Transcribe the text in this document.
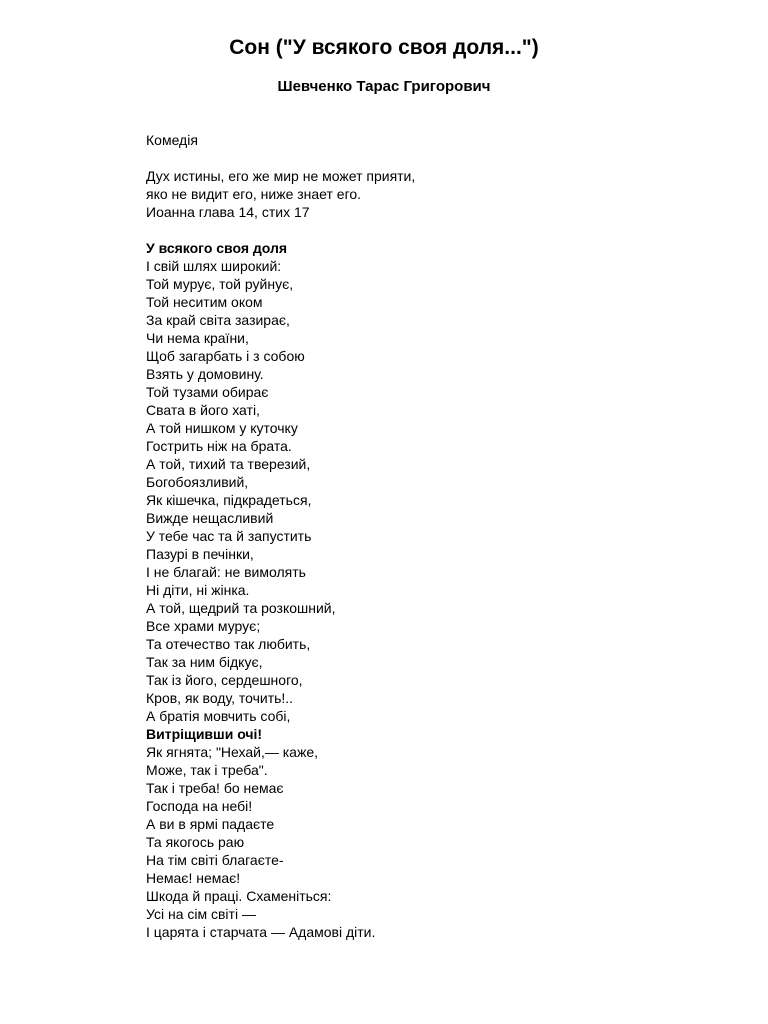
Сон ("У всякого своя доля...")
Шевченко Тарас Григорович
Комедія
Дух истины, его же мир не может прияти,
яко не видит его, ниже знает его.
Иоанна глава 14, стих 17
У всякого своя доля
І свій шлях широкий:
Той мурує, той руйнує,
Той неситим оком
За край світа зазирає,
Чи нема країни,
Щоб загарбать і з собою
Взять у домовину.
Той тузами обирає
Свата в його хаті,
А той нишком у куточку
Гострить ніж на брата.
А той, тихий та тверезий,
Богобоязливий,
Як кішечка, підкрадеться,
Вижде нещасливий
У тебе час та й запустить
Пазурі в печінки,
І не благай: не вимолять
Ні діти, ні жінка.
А той, щедрий та розкошний,
Все храми мурує;
Та отечество так любить,
Так за ним бідкує,
Так із його, сердешного,
Кров, як воду, точить!..
А братія мовчить собі,
Витріщивши очі!
Як ягнята; "Нехай,— каже,
Може, так і треба".
Так і треба! бо немає
Господа на небі!
А ви в ярмі падаєте
Та якогось раю
На тім світі благаєте-
Немає! немає!
Шкода й праці. Схаменіться:
Усі на сім світі —
І царята і старчата — Адамові діти.
